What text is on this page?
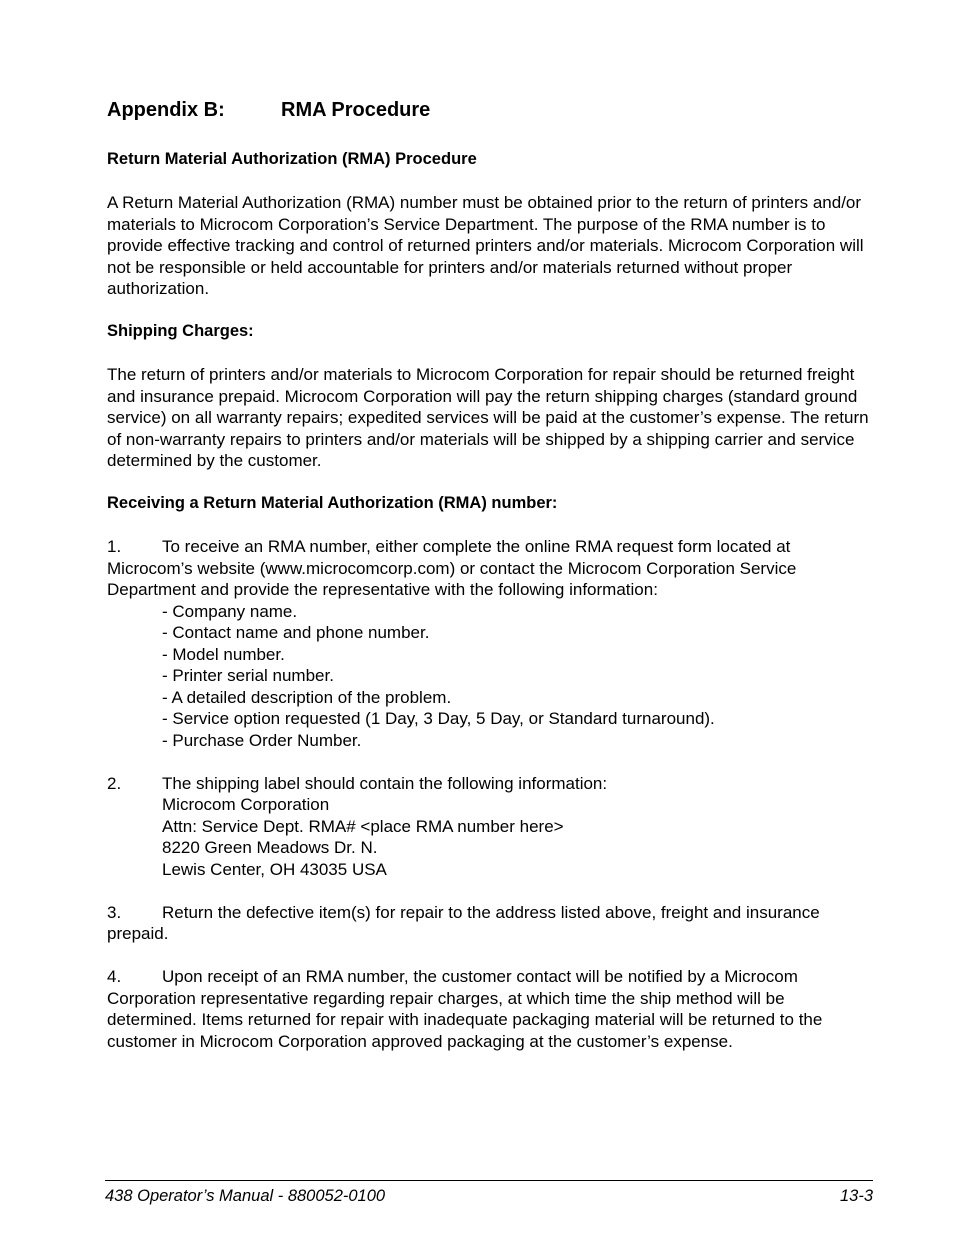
Appendix B:	RMA Procedure
Return Material Authorization (RMA) Procedure

A Return Material Authorization (RMA) number must be obtained prior to the return of printers and/or materials to Microcom Corporation’s Service Department. The purpose of the RMA number is to provide effective tracking and control of returned printers and/or materials. Microcom Corporation will not be responsible or held accountable for printers and/or materials returned without proper authorization.

Shipping Charges:

The return of printers and/or materials to Microcom Corporation for repair should be returned freight and insurance prepaid. Microcom Corporation will pay the return shipping charges (standard ground service) on all warranty repairs; expedited services will be paid at the customer’s expense. The return of non-warranty repairs to printers and/or materials will be shipped by a shipping carrier and service determined by the customer.

Receiving a Return Material Authorization (RMA) number:

1. To receive an RMA number, either complete the online RMA request form located at Microcom’s website (www.microcomcorp.com) or contact the Microcom Corporation Service Department and provide the representative with the following information:

- Company name.
- Contact name and phone number.
- Model number.
- Printer serial number.
- A detailed description of the problem.
- Service option requested (1 Day, 3 Day, 5 Day, or Standard turnaround).
- Purchase Order Number.

2. The shipping label should contain the following information:

Microcom Corporation
Attn: Service Dept. RMA# <place RMA number here>
8220 Green Meadows Dr. N.
Lewis Center, OH 43035 USA

3. Return the defective item(s) for repair to the address listed above, freight and insurance prepaid.

4. Upon receipt of an RMA number, the customer contact will be notified by a Microcom Corporation representative regarding repair charges, at which time the ship method will be determined. Items returned for repair with inadequate packaging material will be returned to the customer in Microcom Corporation approved packaging at the customer’s expense.

438 Operator’s Manual - 880052-0100	13-3
